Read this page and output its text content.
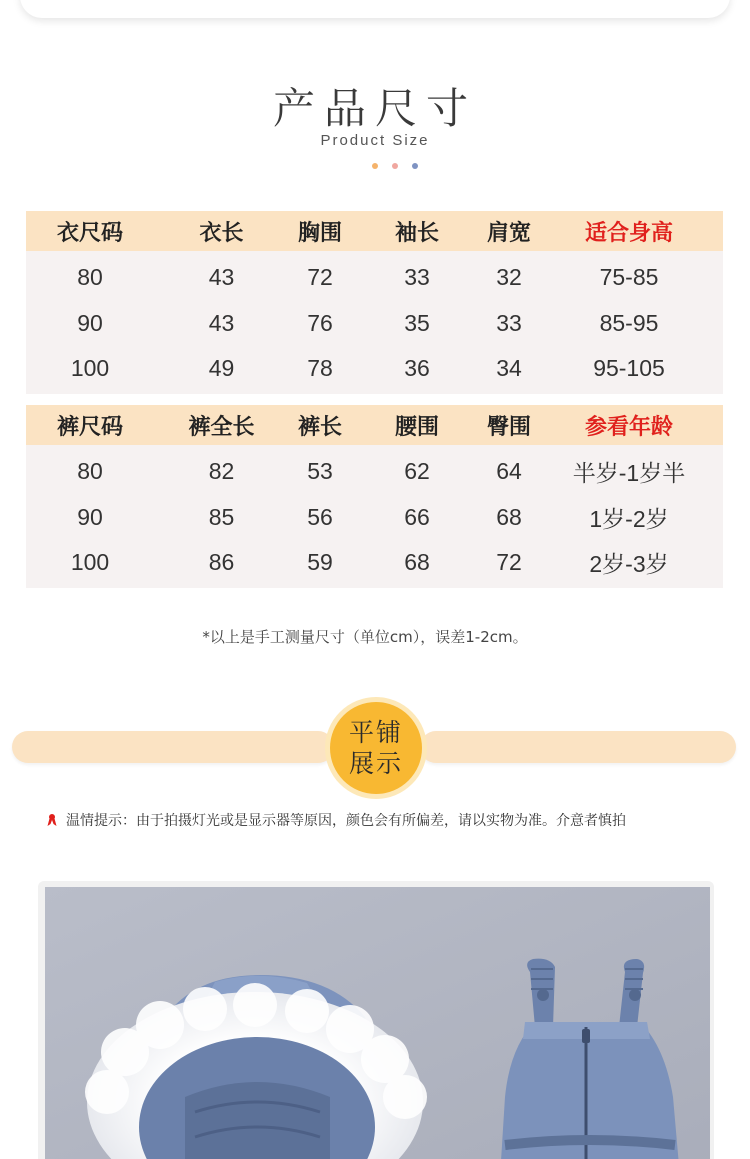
产品尺寸
Product Size
衣尺码	衣长	胸围	袖长	肩宽	适合身高
80	43	72	33	32	75-85
90	43	76	35	33	85-95
100	49	78	36	34	95-105
裤尺码	裤全长	裤长	腰围	臀围	参看年龄
80	82	53	62	64	半岁-1岁半
90	85	56	66	68	1岁-2岁
100	86	59	68	72	2岁-3岁
*以上是手工测量尺寸（单位cm），误差1-2cm。
平铺
展示
温情提示：由于拍摄灯光或是显示器等原因，颜色会有所偏差，请以实物为准。介意者慎拍
